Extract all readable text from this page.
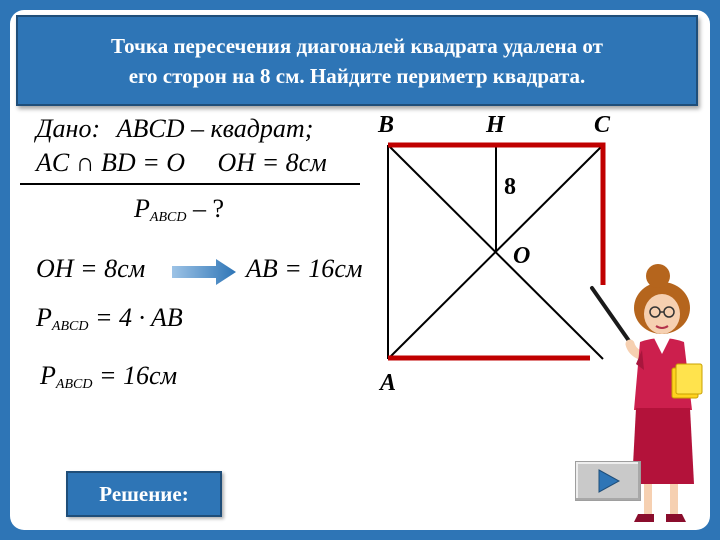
Точка пересечения диагоналей квадрата удалена от
его сторон на 8 см. Найдите периметр квадрата.
Дано: ABCD – квадрат;
AC ∩ BD = O OH = 8см
$P_{ABCD}$ – ?
OH = 8см	AB = 16см
$P_{ABCD} = 4$ · AB
$P_{ABCD} = 16см$
B	H	C
8
O
A
Решение:
